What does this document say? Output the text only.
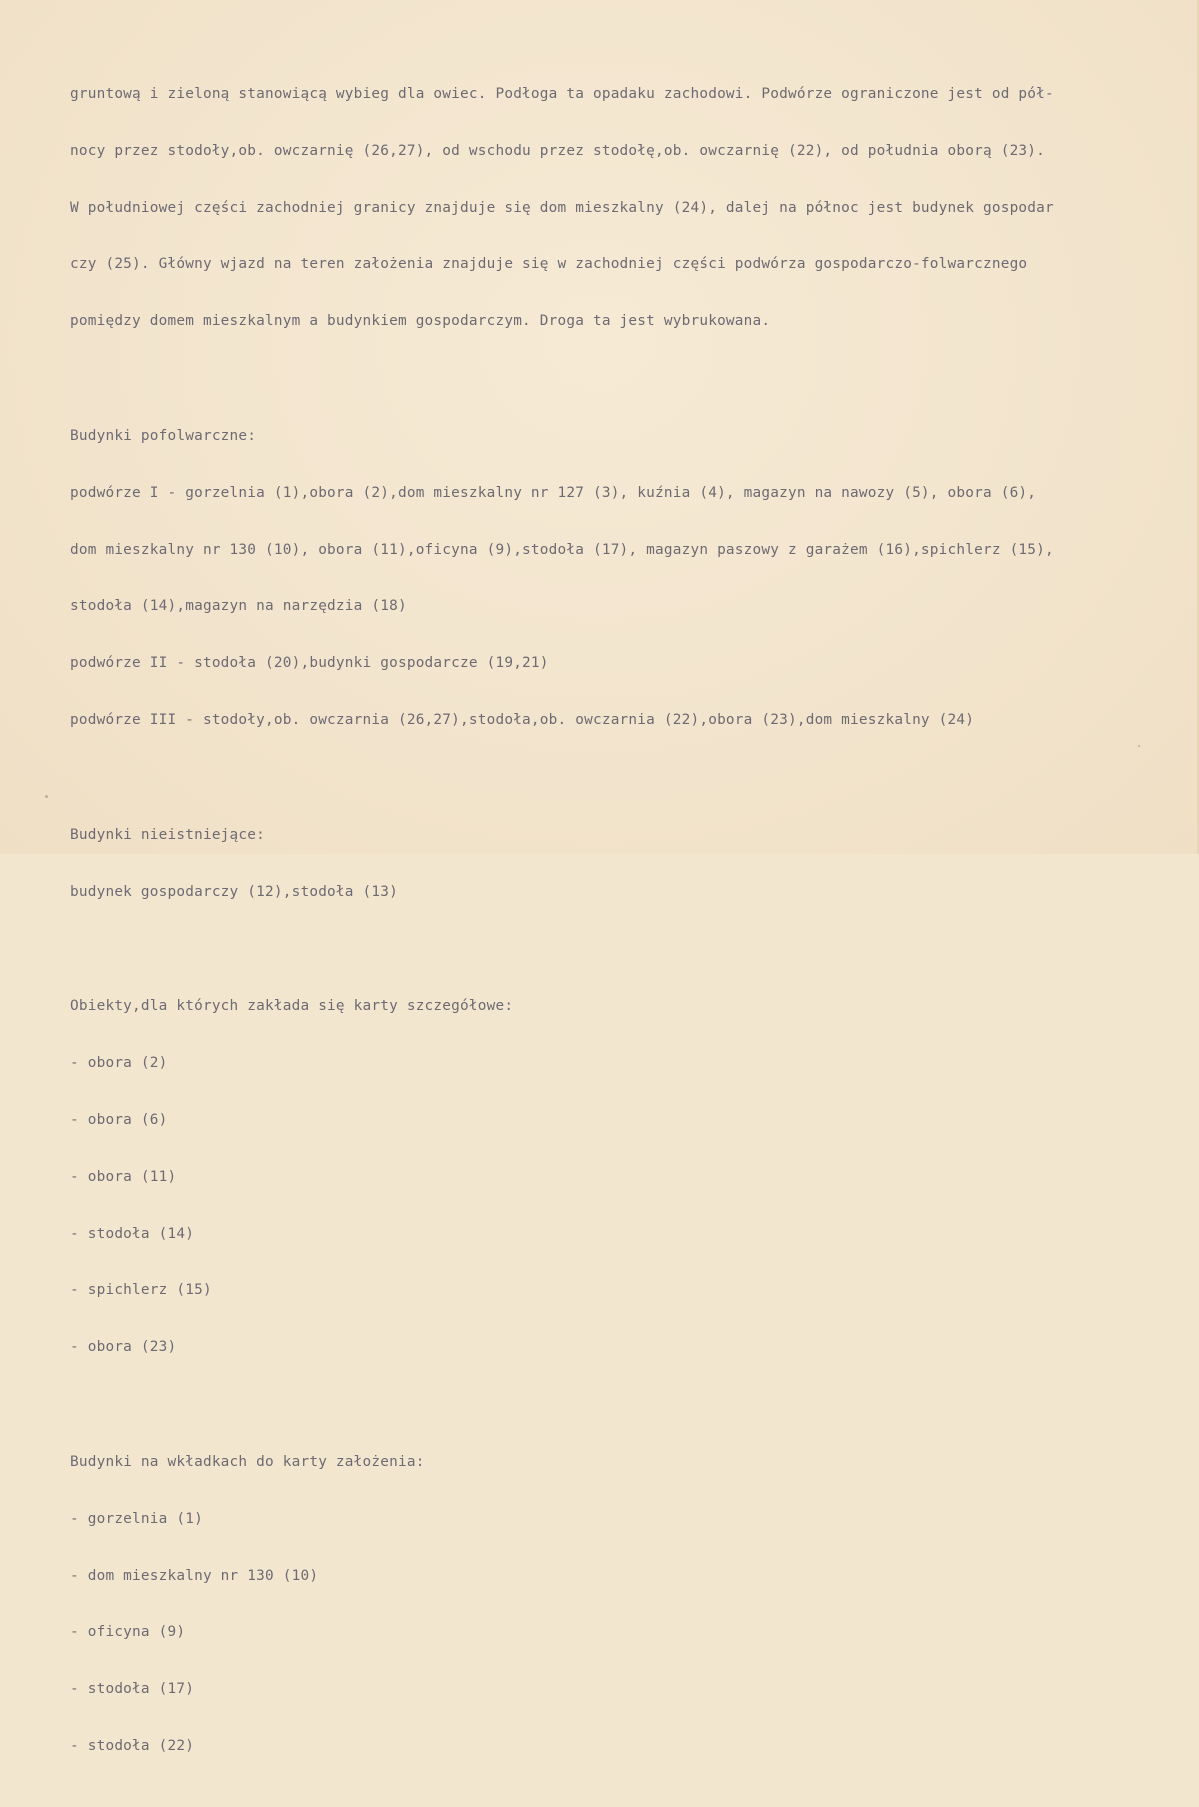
gruntową i zieloną stanowiącą wybieg dla owiec. Podłoga ta opadaku zachodowi. Podwórze ograniczone jest od pół-

nocy przez stodoły,ob. owczarnię (26,27), od wschodu przez stodołę,ob. owczarnię (22), od południa oborą (23).

W południowej części zachodniej granicy znajduje się dom mieszkalny (24), dalej na północ jest budynek gospodar

czy (25). Główny wjazd na teren założenia znajduje się w zachodniej części podwórza gospodarczo-folwarcznego

pomiędzy domem mieszkalnym a budynkiem gospodarczym. Droga ta jest wybrukowana.

Budynki pofolwarczne:

podwórze I - gorzelnia (1),obora (2),dom mieszkalny nr 127 (3), kuźnia (4), magazyn na nawozy (5), obora (6),

dom mieszkalny nr 130 (10), obora (11),oficyna (9),stodoła (17), magazyn paszowy z garażem (16),spichlerz (15),

stodoła (14),magazyn na narzędzia (18)

podwórze II - stodoła (20),budynki gospodarcze (19,21)

podwórze III - stodoły,ob. owczarnia (26,27),stodoła,ob. owczarnia (22),obora (23),dom mieszkalny (24)

Budynki nieistniejące:

budynek gospodarczy (12),stodoła (13)

Obiekty,dla których zakłada się karty szczegółowe:

- obora (2)

- obora (6)

- obora (11)

- stodoła (14)

- spichlerz (15)

- obora (23)

Budynki na wkładkach do karty założenia:

- gorzelnia (1)

- dom mieszkalny nr 130 (10)

- oficyna (9)

- stodoła (17)

- stodoła (22)
